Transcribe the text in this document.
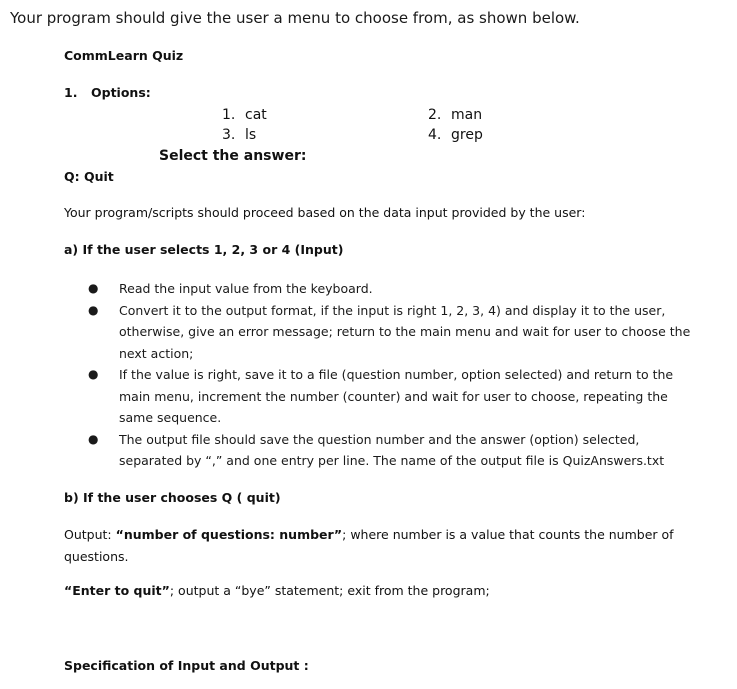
Your program should give the user a menu to choose from, as shown below.
CommLearn Quiz
1. Options:
1. cat	2. man
3. ls	4. grep
Select the answer:
Q: Quit
Your program/scripts should proceed based on the data input provided by the user:
a) If the user selects 1, 2, 3 or 4 (Input)
● Read the input value from the keyboard.
● Convert it to the output format, if the input is right 1, 2, 3, 4) and display it to the user, otherwise, give an error message; return to the main menu and wait for user to choose the next action;
● If the value is right, save it to a file (question number, option selected) and return to the main menu, increment the number (counter) and wait for user to choose, repeating the same sequence.
● The output file should save the question number and the answer (option) selected, separated by “,” and one entry per line. The name of the output file is QuizAnswers.txt
b) If the user chooses Q ( quit)
Output: “number of questions: number”; where number is a value that counts the number of questions.
“Enter to quit”; output a “bye” statement; exit from the program;
Specification of Input and Output :
